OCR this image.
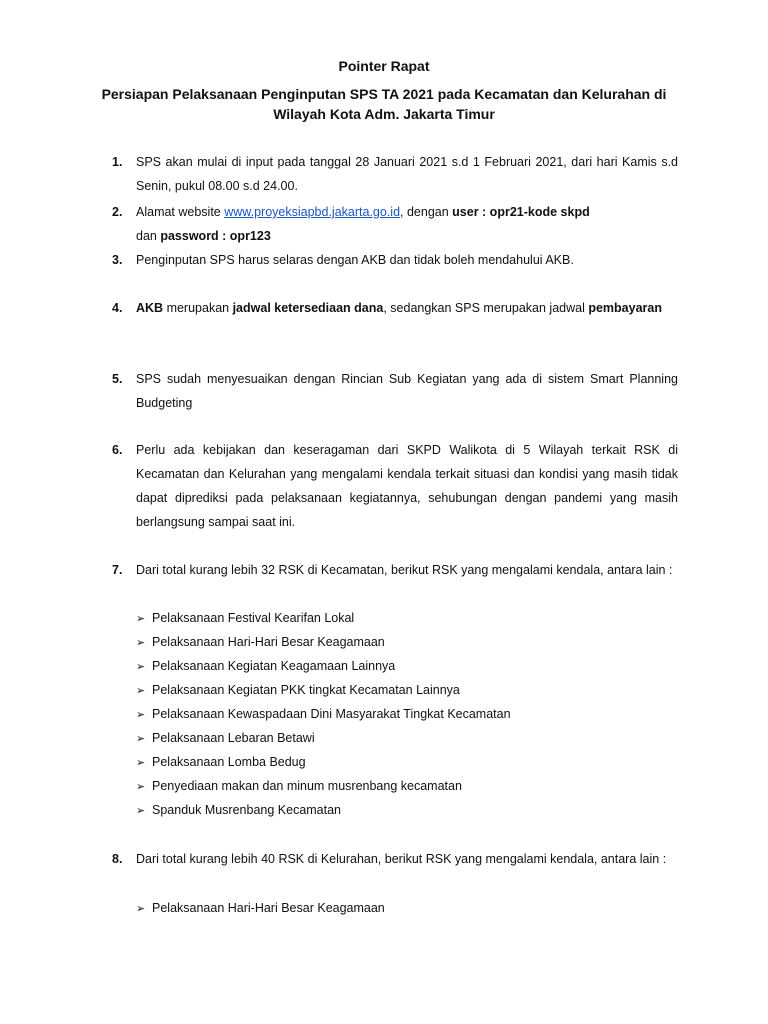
Pointer Rapat
Persiapan Pelaksanaan Penginputan SPS TA 2021 pada Kecamatan dan Kelurahan di Wilayah Kota Adm. Jakarta Timur
1. SPS akan mulai di input pada tanggal 28 Januari 2021 s.d 1 Februari 2021, dari hari Kamis s.d Senin, pukul 08.00 s.d 24.00.
2. Alamat website www.proyeksiapbd.jakarta.go.id, dengan user : opr21-kode skpd
dan password : opr123
3. Penginputan SPS harus selaras dengan AKB dan tidak boleh mendahului AKB.
4. AKB merupakan jadwal ketersediaan dana, sedangkan SPS merupakan jadwal pembayaran
5. SPS sudah menyesuaikan dengan Rincian Sub Kegiatan yang ada di sistem Smart Planning Budgeting
6. Perlu ada kebijakan dan keseragaman dari SKPD Walikota di 5 Wilayah terkait RSK di Kecamatan dan Kelurahan yang mengalami kendala terkait situasi dan kondisi yang masih tidak dapat diprediksi pada pelaksanaan kegiatannya, sehubungan dengan pandemi yang masih berlangsung sampai saat ini.
7. Dari total kurang lebih 32 RSK di Kecamatan, berikut RSK yang mengalami kendala, antara lain :
➢ Pelaksanaan Festival Kearifan Lokal
➢ Pelaksanaan Hari-Hari Besar Keagamaan
➢ Pelaksanaan Kegiatan Keagamaan Lainnya
➢ Pelaksanaan Kegiatan PKK tingkat Kecamatan Lainnya
➢ Pelaksanaan Kewaspadaan Dini Masyarakat Tingkat Kecamatan
➢ Pelaksanaan Lebaran Betawi
➢ Pelaksanaan Lomba Bedug
➢ Penyediaan makan dan minum musrenbang kecamatan
➢ Spanduk Musrenbang Kecamatan
8. Dari total kurang lebih 40 RSK di Kelurahan, berikut RSK yang mengalami kendala, antara lain :
➢ Pelaksanaan Hari-Hari Besar Keagamaan
